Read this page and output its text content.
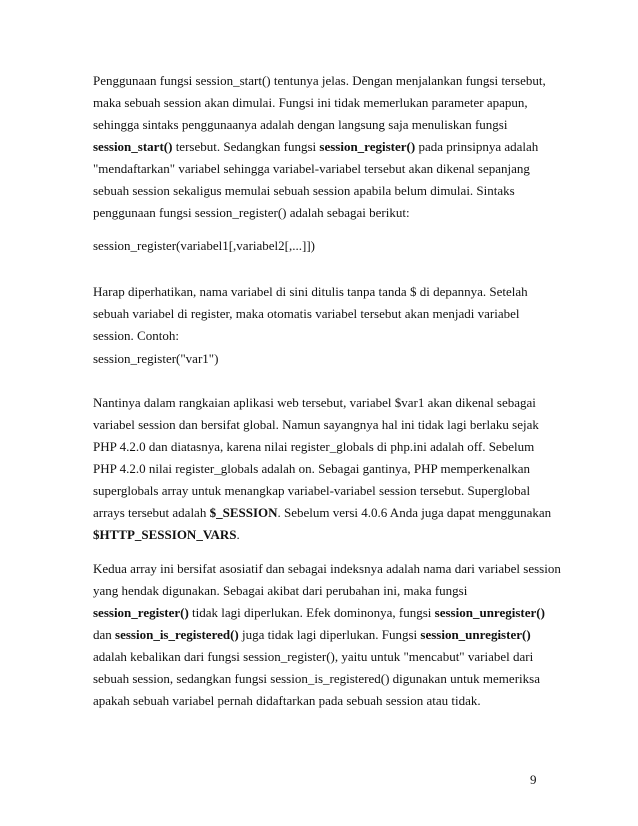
Penggunaan fungsi session_start() tentunya jelas. Dengan menjalankan fungsi tersebut,
maka sebuah session akan dimulai. Fungsi ini tidak memerlukan parameter apapun,
sehingga sintaks penggunaanya adalah dengan langsung saja menuliskan fungsi
session_start() tersebut. Sedangkan fungsi session_register() pada prinsipnya adalah
"mendaftarkan" variabel sehingga variabel-variabel tersebut akan dikenal sepanjang
sebuah session sekaligus memulai sebuah session apabila belum dimulai. Sintaks
penggunaan fungsi session_register() adalah sebagai berikut:
session_register(variabel1[,variabel2[,...]])
Harap diperhatikan, nama variabel di sini ditulis tanpa tanda $ di depannya. Setelah
sebuah variabel di register, maka otomatis variabel tersebut akan menjadi variabel
session. Contoh:
session_register("var1")
Nantinya dalam rangkaian aplikasi web tersebut, variabel $var1 akan dikenal sebagai
variabel session dan bersifat global. Namun sayangnya hal ini tidak lagi berlaku sejak
PHP 4.2.0 dan diatasnya, karena nilai register_globals di php.ini adalah off. Sebelum
PHP 4.2.0 nilai register_globals adalah on. Sebagai gantinya, PHP memperkenalkan
superglobals array untuk menangkap variabel-variabel session tersebut. Superglobal
arrays tersebut adalah $_SESSION. Sebelum versi 4.0.6 Anda juga dapat menggunakan
$HTTP_SESSION_VARS.
Kedua array ini bersifat asosiatif dan sebagai indeksnya adalah nama dari variabel session
yang hendak digunakan. Sebagai akibat dari perubahan ini, maka fungsi
session_register() tidak lagi diperlukan. Efek dominonya, fungsi session_unregister()
dan session_is_registered() juga tidak lagi diperlukan. Fungsi session_unregister()
adalah kebalikan dari fungsi session_register(), yaitu untuk "mencabut" variabel dari
sebuah session, sedangkan fungsi session_is_registered() digunakan untuk memeriksa
apakah sebuah variabel pernah didaftarkan pada sebuah session atau tidak.
9
